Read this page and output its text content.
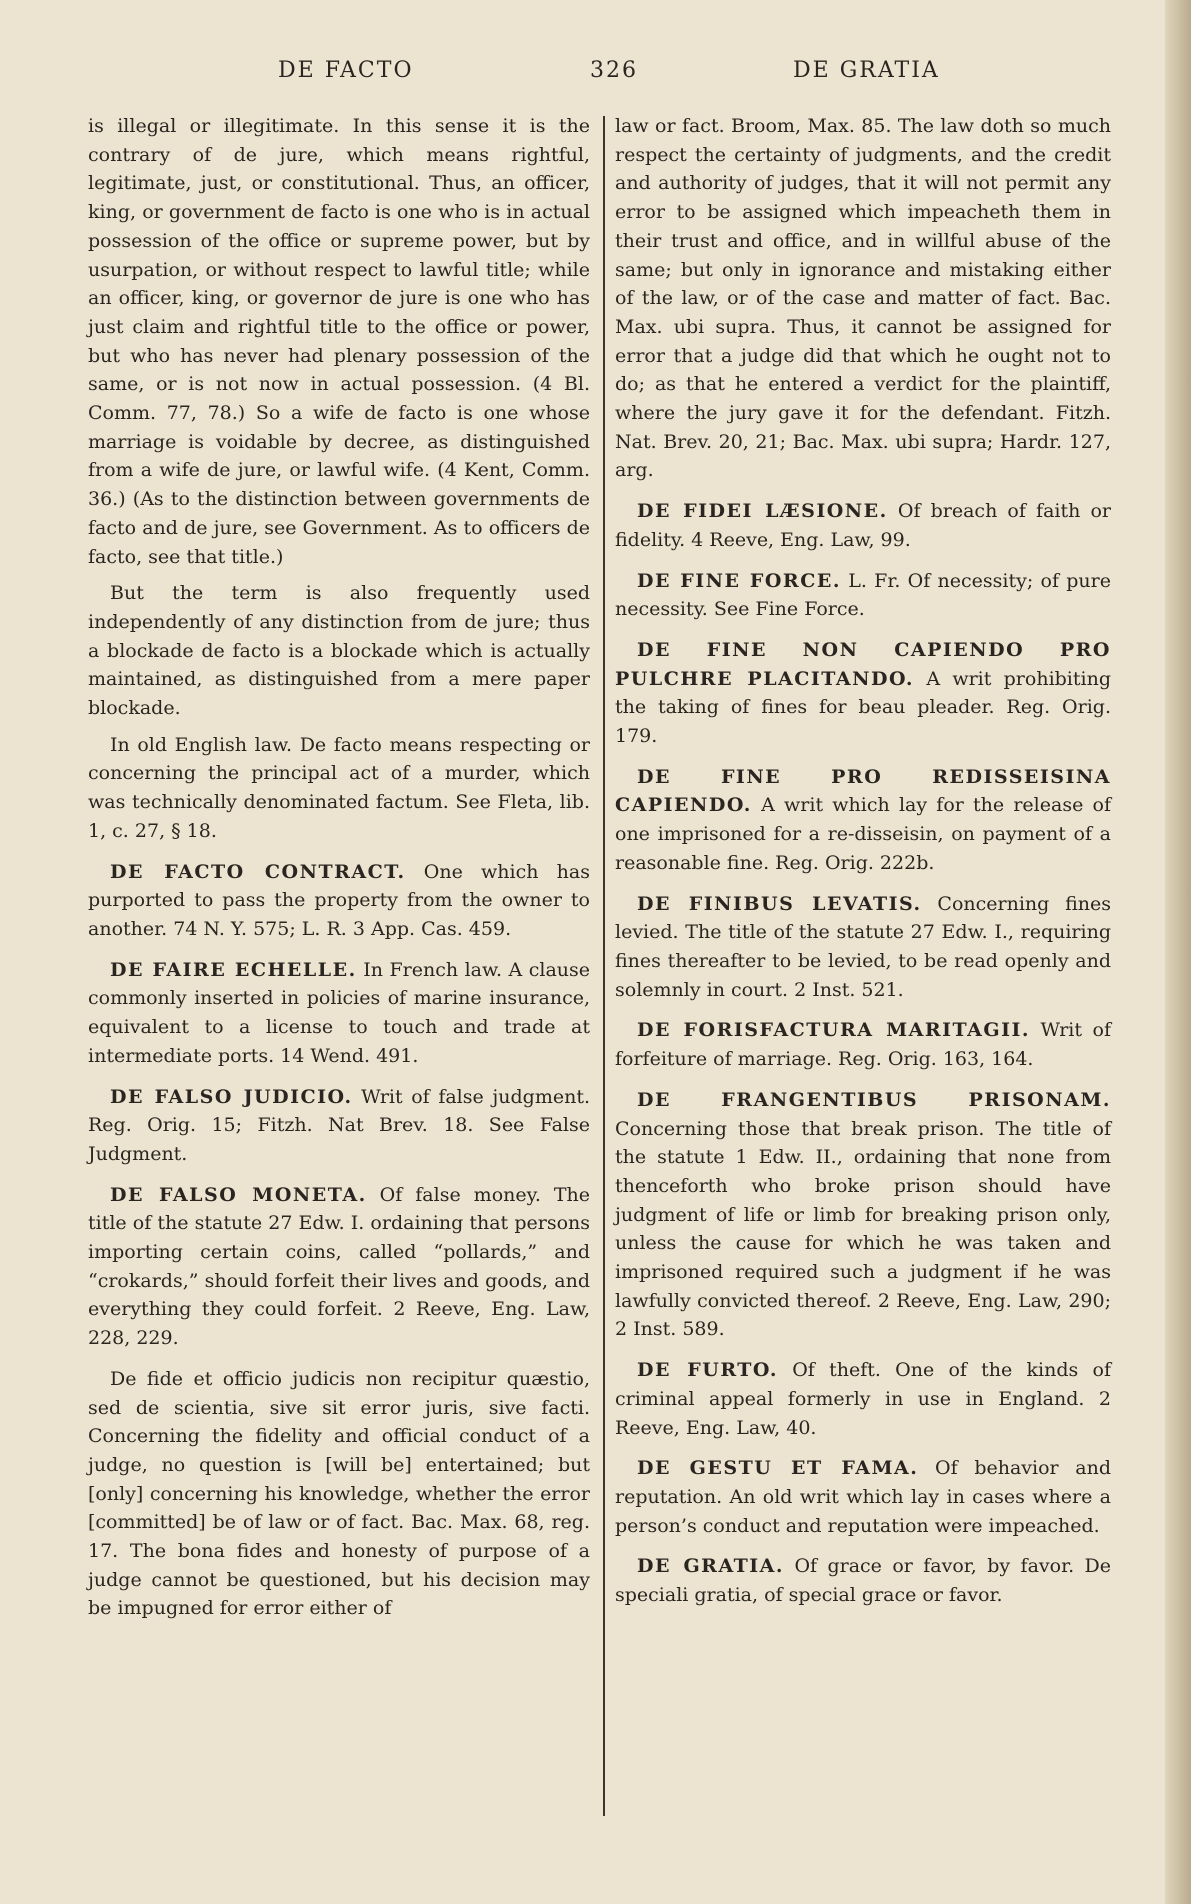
DE FACTO	326	DE GRATIA

is illegal or illegitimate. In this sense it is the contrary of de jure, which means rightful, legitimate, just, or constitutional. Thus, an officer, king, or government de facto is one who is in actual possession of the office or supreme power, but by usurpation, or without respect to lawful title; while an officer, king, or governor de jure is one who has just claim and rightful title to the office or power, but who has never had plenary possession of the same, or is not now in actual possession. (4 Bl. Comm. 77, 78.) So a wife de facto is one whose marriage is voidable by decree, as distinguished from a wife de jure, or lawful wife. (4 Kent, Comm. 36.) (As to the distinction between governments de facto and de jure, see Government. As to officers de facto, see that title.)

But the term is also frequently used independently of any distinction from de jure; thus a blockade de facto is a blockade which is actually maintained, as distinguished from a mere paper blockade.

In old English law. De facto means respecting or concerning the principal act of a murder, which was technically denominated factum. See Fleta, lib. 1, c. 27, § 18.

DE FACTO CONTRACT. One which has purported to pass the property from the owner to another. 74 N. Y. 575; L. R. 3 App. Cas. 459.

DE FAIRE ECHELLE. In French law. A clause commonly inserted in policies of marine insurance, equivalent to a license to touch and trade at intermediate ports. 14 Wend. 491.

DE FALSO JUDICIO. Writ of false judgment. Reg. Orig. 15; Fitzh. Nat Brev. 18. See False Judgment.

DE FALSO MONETA. Of false money. The title of the statute 27 Edw. I. ordaining that persons importing certain coins, called “pollards,” and “crokards,” should forfeit their lives and goods, and everything they could forfeit. 2 Reeve, Eng. Law, 228, 229.

De fide et officio judicis non recipitur quæstio, sed de scientia, sive sit error juris, sive facti. Concerning the fidelity and official conduct of a judge, no question is [will be] entertained; but [only] concerning his knowledge, whether the error [committed] be of law or of fact. Bac. Max. 68, reg. 17. The bona fides and honesty of purpose of a judge cannot be questioned, but his decision may be impugned for error either of

law or fact. Broom, Max. 85. The law doth so much respect the certainty of judgments, and the credit and authority of judges, that it will not permit any error to be assigned which impeacheth them in their trust and office, and in willful abuse of the same; but only in ignorance and mistaking either of the law, or of the case and matter of fact. Bac. Max. ubi supra. Thus, it cannot be assigned for error that a judge did that which he ought not to do; as that he entered a verdict for the plaintiff, where the jury gave it for the defendant. Fitzh. Nat. Brev. 20, 21; Bac. Max. ubi supra; Hardr. 127, arg.

DE FIDEI LÆSIONE. Of breach of faith or fidelity. 4 Reeve, Eng. Law, 99.

DE FINE FORCE. L. Fr. Of necessity; of pure necessity. See Fine Force.

DE FINE NON CAPIENDO PRO PULCHRE PLACITANDO. A writ prohibiting the taking of fines for beau pleader. Reg. Orig. 179.

DE FINE PRO REDISSEISINA CAPIENDO. A writ which lay for the release of one imprisoned for a re-disseisin, on payment of a reasonable fine. Reg. Orig. 222b.

DE FINIBUS LEVATIS. Concerning fines levied. The title of the statute 27 Edw. I., requiring fines thereafter to be levied, to be read openly and solemnly in court. 2 Inst. 521.

DE FORISFACTURA MARITAGII. Writ of forfeiture of marriage. Reg. Orig. 163, 164.

DE FRANGENTIBUS PRISONAM. Concerning those that break prison. The title of the statute 1 Edw. II., ordaining that none from thenceforth who broke prison should have judgment of life or limb for breaking prison only, unless the cause for which he was taken and imprisoned required such a judgment if he was lawfully convicted thereof. 2 Reeve, Eng. Law, 290; 2 Inst. 589.

DE FURTO. Of theft. One of the kinds of criminal appeal formerly in use in England. 2 Reeve, Eng. Law, 40.

DE GESTU ET FAMA. Of behavior and reputation. An old writ which lay in cases where a person’s conduct and reputation were impeached.

DE GRATIA. Of grace or favor, by favor. De speciali gratia, of special grace or favor.
